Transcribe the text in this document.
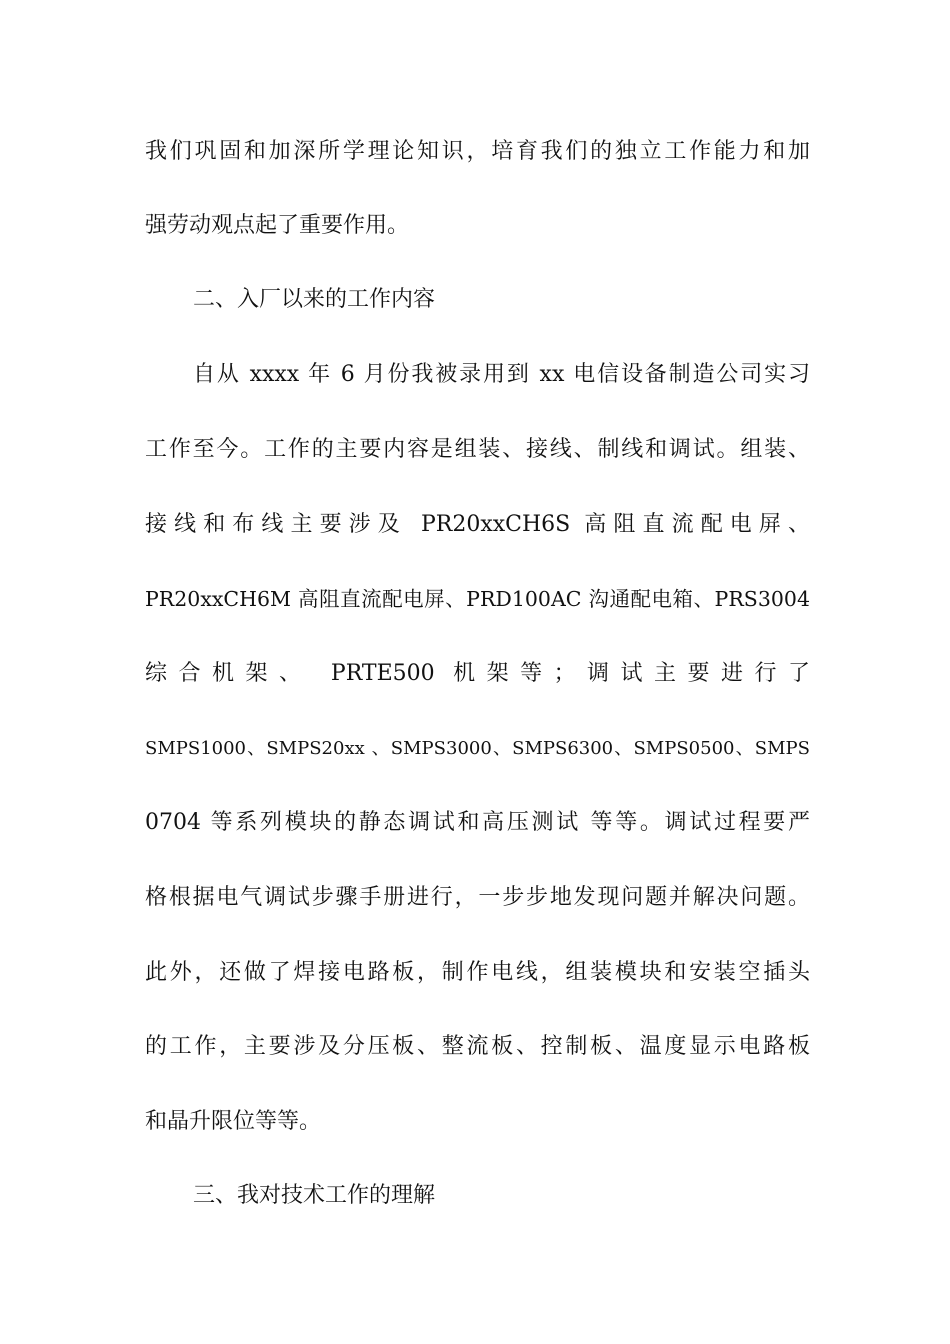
我们巩固和加深所学理论知识，培育我们的独立工作能力和加
强劳动观点起了重要作用。
二、入厂以来的工作内容
自从 xxxx 年 6 月份我被录用到 xx 电信设备制造公司实习
工作至今。工作的主要内容是组装、接线、制线和调试。组装、
接线和布线主要涉及 PR20xxCH6S 高阻直流配电屏、
PR20xxCH6M 高阻直流配电屏、PRD100AC 沟通配电箱、PRS3004
综合机架、 PRTE500 机架等；调试主要进行了
SMPS1000、SMPS20xx 、SMPS3000、SMPS6300、SMPS0500、SMPS
0704 等系列模块的静态调试和高压测试 等等。调试过程要严
格根据电气调试步骤手册进行，一步步地发现问题并解决问题。
此外，还做了焊接电路板，制作电线，组装模块和安装空插头
的工作，主要涉及分压板、整流板、控制板、温度显示电路板
和晶升限位等等。
三、我对技术工作的理解
